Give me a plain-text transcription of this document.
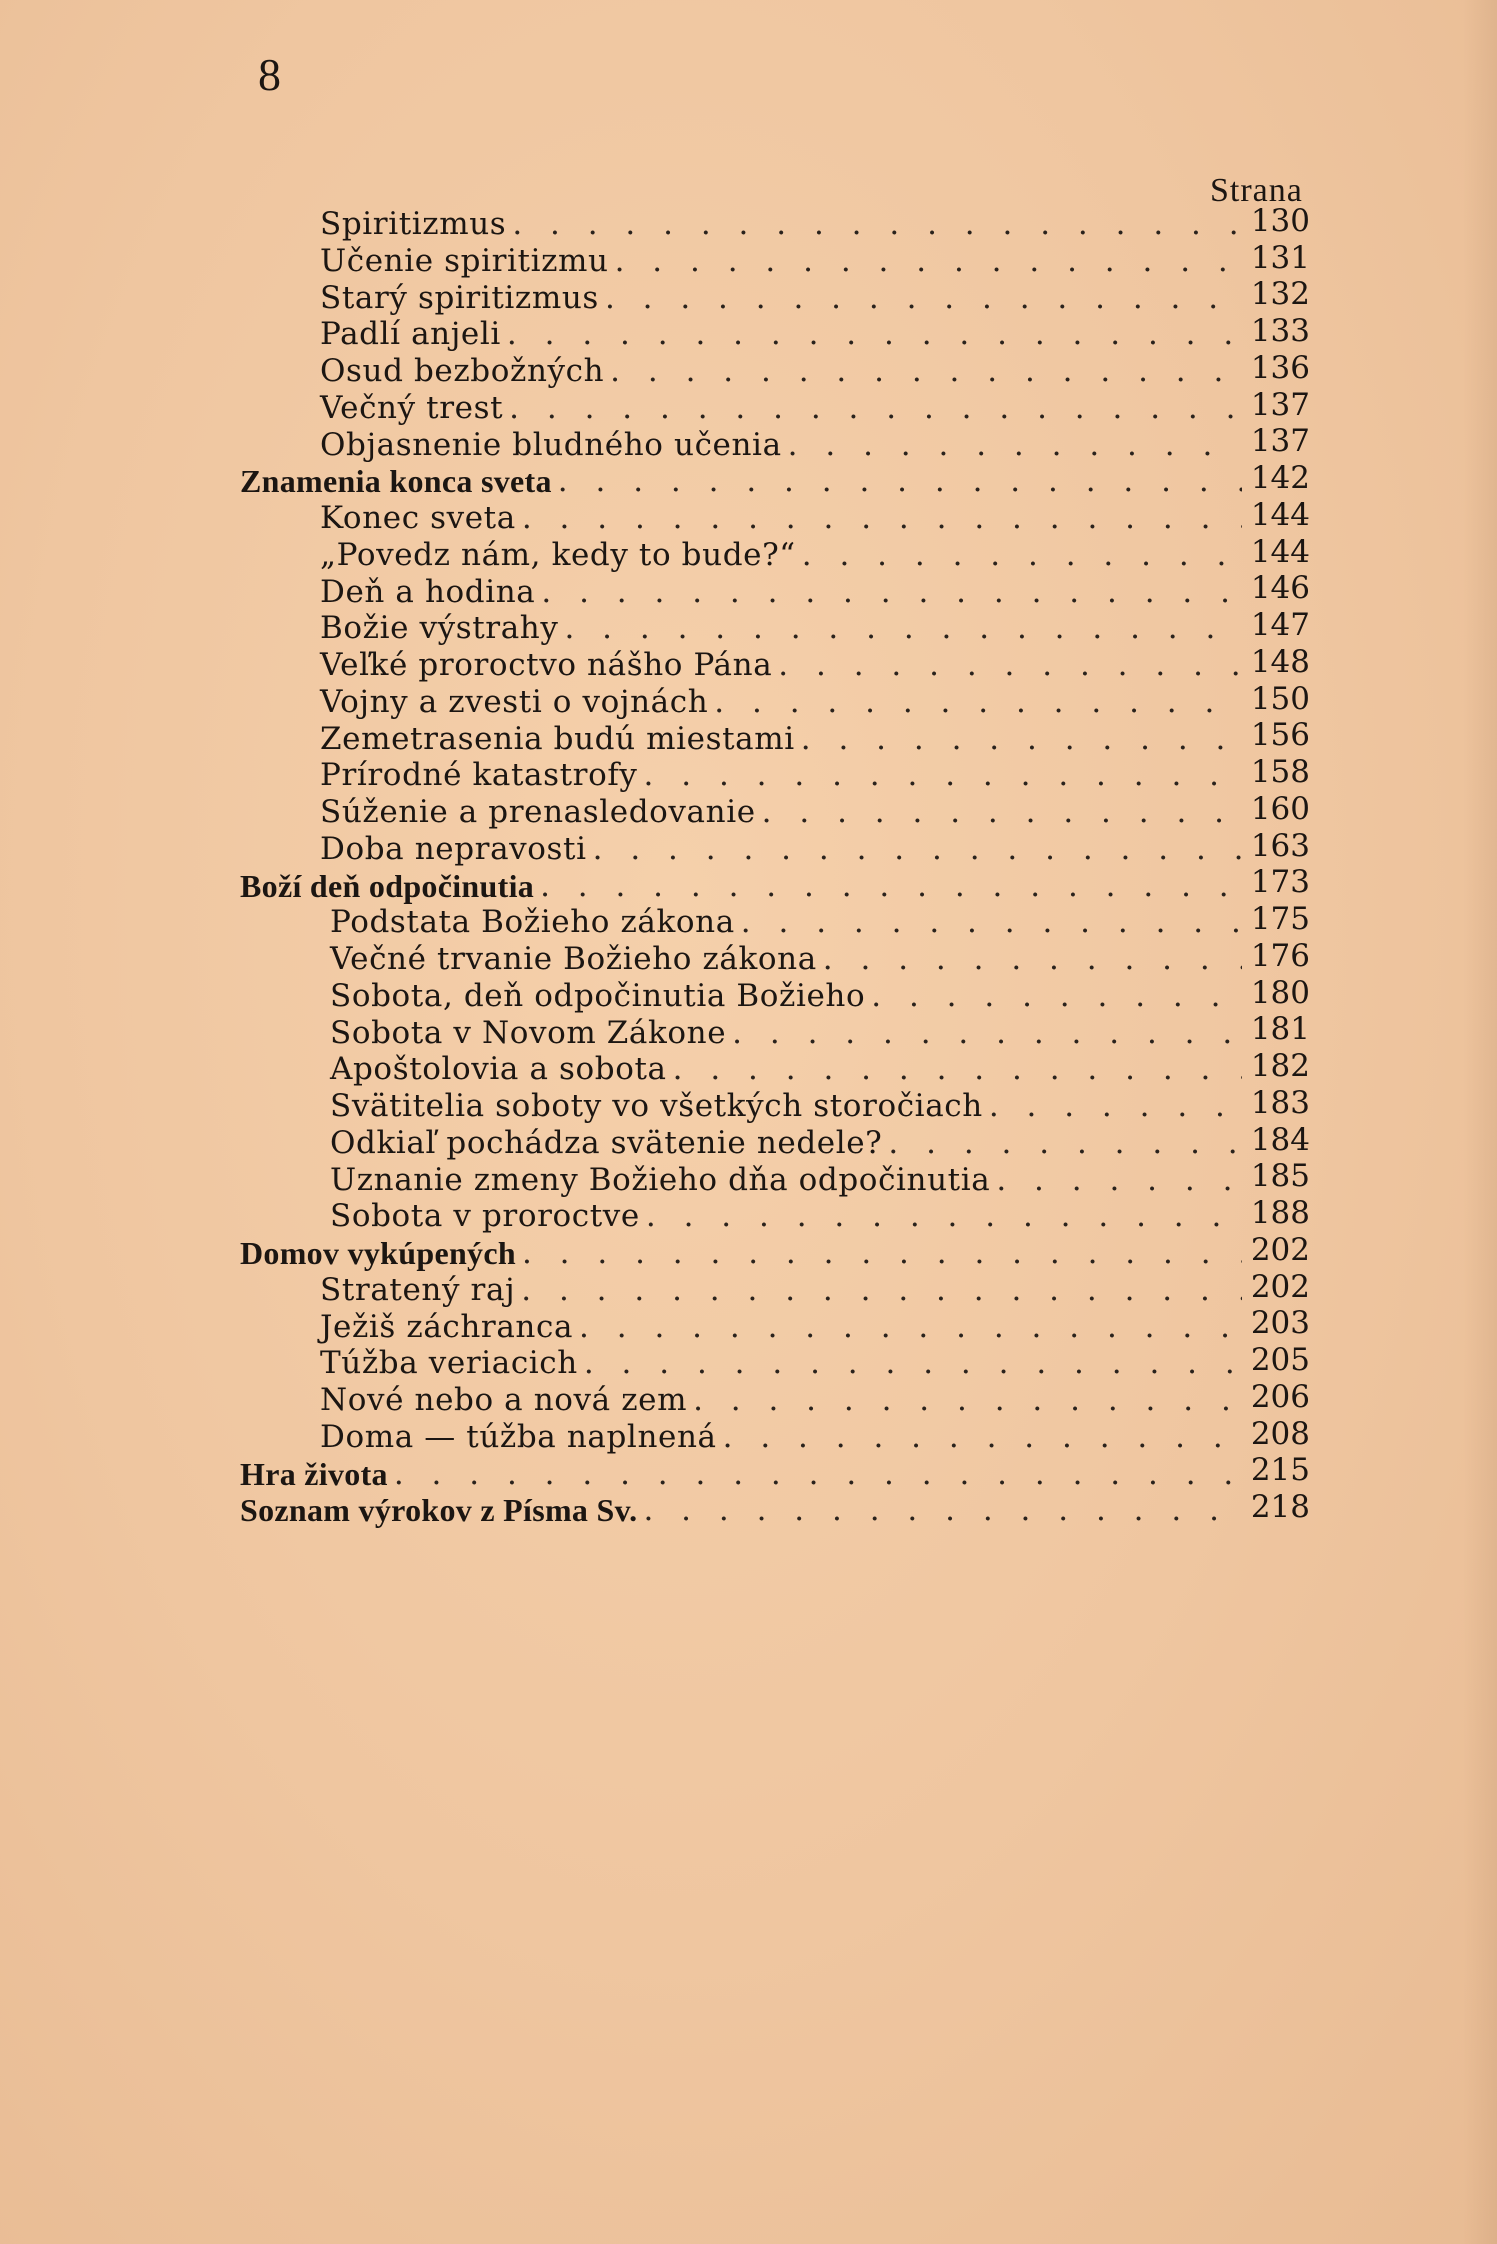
8
Strana
Spiritizmus . . .	130
Učenie spiritizmu . . .	131
Starý spiritizmus . . .	132
Padlí anjeli . . .	133
Osud bezbožných . . .	136
Večný trest . . .	137
Objasnenie bludného učenia . . .	137
Znamenia konca sveta . . .	142
Konec sveta . . .	144
„Povedz nám, kedy to bude?“ . . .	144
Deň a hodina . . .	146
Božie výstrahy . . .	147
Veľké proroctvo nášho Pána . . .	148
Vojny a zvesti o vojnách . . .	150
Zemetrasenia budú miestami . . .	156
Prírodné katastrofy . . .	158
Súženie a prenasledovanie . . .	160
Doba nepravosti . . .	163
Boží deň odpočinutia . . .	173
Podstata Božieho zákona . . .	175
Večné trvanie Božieho zákona . . .	176
Sobota, deň odpočinutia Božieho . . .	180
Sobota v Novom Zákone . . .	181
Apoštolovia a sobota . . .	182
Svätitelia soboty vo všetkých storočiach . . .	183
Odkiaľ pochádza svätenie nedele? . . .	184
Uznanie zmeny Božieho dňa odpočinutia . . .	185
Sobota v proroctve . . .	188
Domov vykúpených . . .	202
Stratený raj . . .	202
Ježiš záchranca . . .	203
Túžba veriacich . . .	205
Nové nebo a nová zem . . .	206
Doma — túžba naplnená . . .	208
Hra života . . .	215
Soznam výrokov z Písma Sv. . . .	218
